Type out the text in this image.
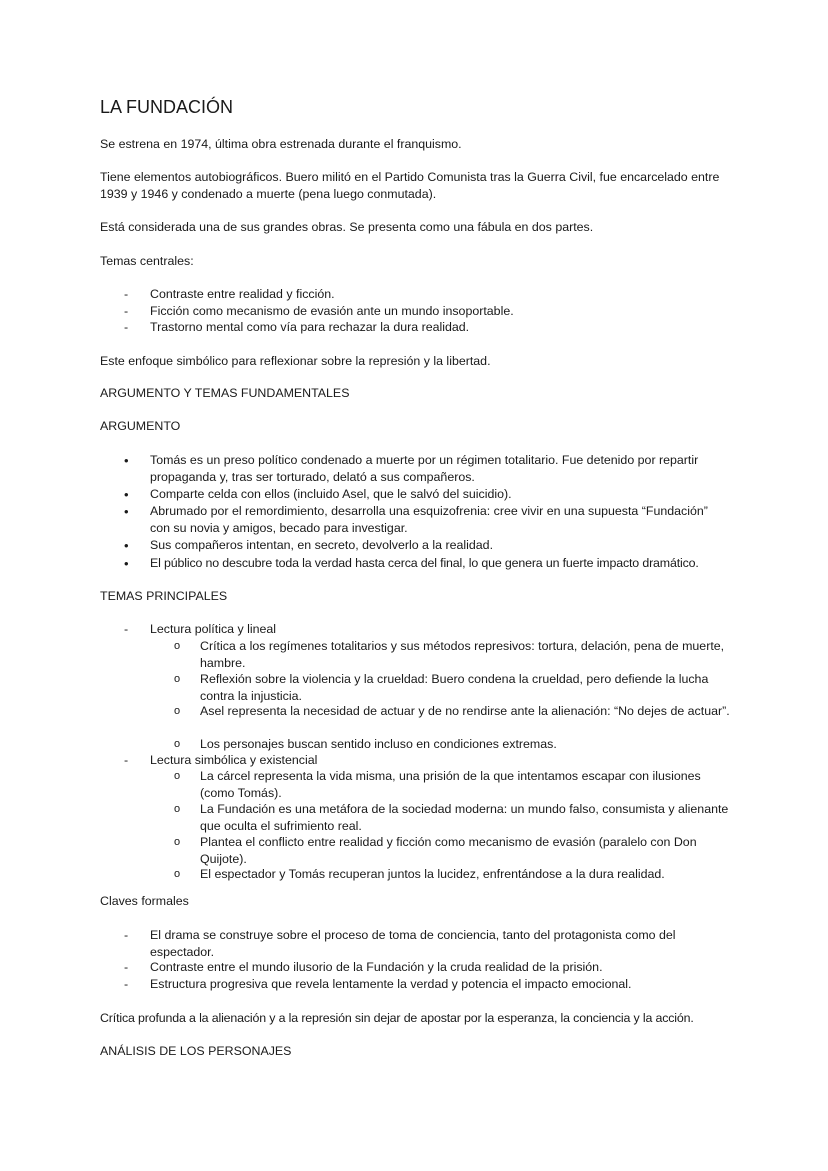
LA FUNDACIÓN
Se estrena en 1974, última obra estrenada durante el franquismo.
Tiene elementos autobiográficos. Buero militó en el Partido Comunista tras la Guerra Civil, fue encarcelado entre 1939 y 1946 y condenado a muerte (pena luego conmutada).
Está considerada una de sus grandes obras. Se presenta como una fábula en dos partes.
Temas centrales:
- Contraste entre realidad y ficción.
- Ficción como mecanismo de evasión ante un mundo insoportable.
- Trastorno mental como vía para rechazar la dura realidad.
Este enfoque simbólico para reflexionar sobre la represión y la libertad.
ARGUMENTO Y TEMAS FUNDAMENTALES
ARGUMENTO
• Tomás es un preso político condenado a muerte por un régimen totalitario. Fue detenido por repartir propaganda y, tras ser torturado, delató a sus compañeros.
• Comparte celda con ellos (incluido Asel, que le salvó del suicidio).
• Abrumado por el remordimiento, desarrolla una esquizofrenia: cree vivir en una supuesta “Fundación” con su novia y amigos, becado para investigar.
• Sus compañeros intentan, en secreto, devolverlo a la realidad.
• El público no descubre toda la verdad hasta cerca del final, lo que genera un fuerte impacto dramático.
TEMAS PRINCIPALES
- Lectura política y lineal
o Crítica a los regímenes totalitarios y sus métodos represivos: tortura, delación, pena de muerte, hambre.
o Reflexión sobre la violencia y la crueldad: Buero condena la crueldad, pero defiende la lucha contra la injusticia.
o Asel representa la necesidad de actuar y de no rendirse ante la alienación: “No dejes de actuar”.
o Los personajes buscan sentido incluso en condiciones extremas.
- Lectura simbólica y existencial
o La cárcel representa la vida misma, una prisión de la que intentamos escapar con ilusiones (como Tomás).
o La Fundación es una metáfora de la sociedad moderna: un mundo falso, consumista y alienante que oculta el sufrimiento real.
o Plantea el conflicto entre realidad y ficción como mecanismo de evasión (paralelo con Don Quijote).
o El espectador y Tomás recuperan juntos la lucidez, enfrentándose a la dura realidad.
Claves formales
- El drama se construye sobre el proceso de toma de conciencia, tanto del protagonista como del espectador.
- Contraste entre el mundo ilusorio de la Fundación y la cruda realidad de la prisión.
- Estructura progresiva que revela lentamente la verdad y potencia el impacto emocional.
Crítica profunda a la alienación y a la represión sin dejar de apostar por la esperanza, la conciencia y la acción.
ANÁLISIS DE LOS PERSONAJES
